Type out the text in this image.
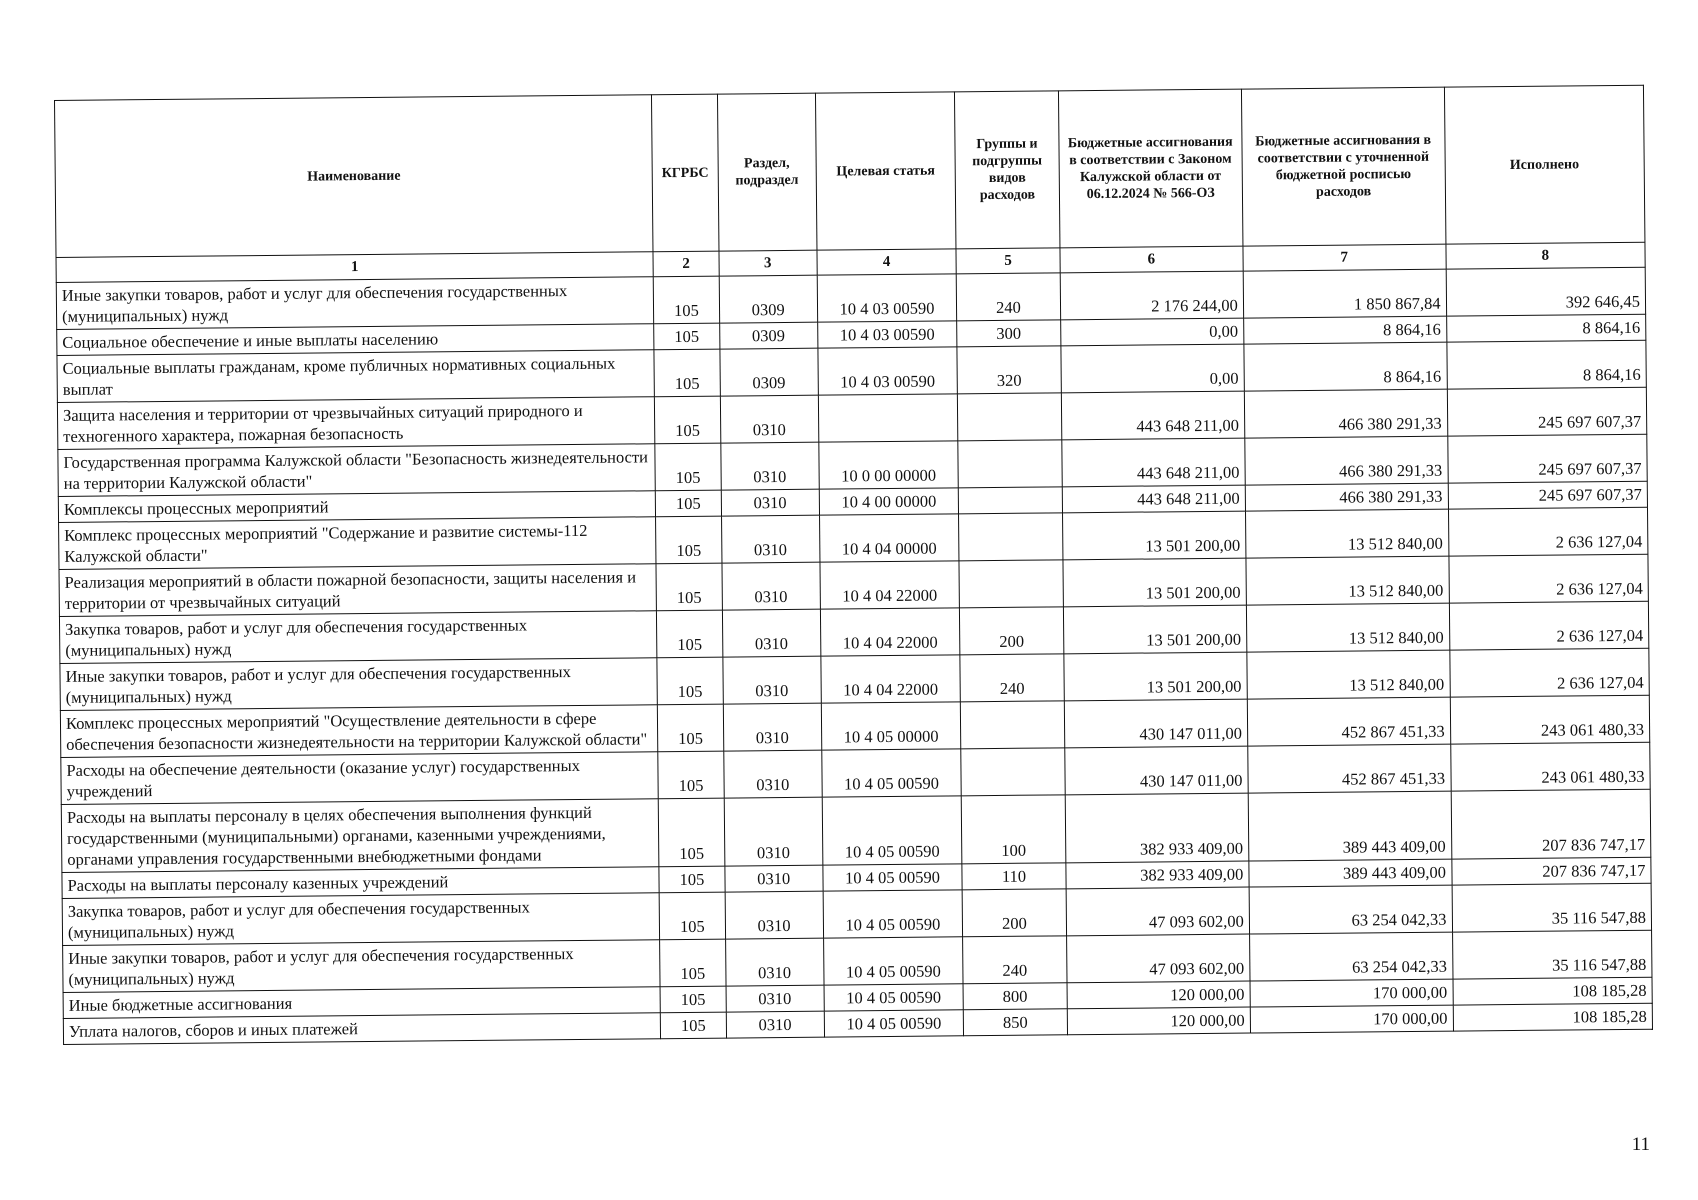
Наименование	КГРБС	Раздел, подраздел	Целевая статья	Группы и подгруппы видов расходов	Бюджетные ассигнования в соответствии с Законом Калужской области от 06.12.2024 № 566-ОЗ	Бюджетные ассигнования в соответствии с уточненной бюджетной росписью расходов	Исполнено
1	2	3	4	5	6	7	8
Иные закупки товаров, работ и услуг для обеспечения государственных (муниципальных) нужд	105	0309	10 4 03 00590	240	2 176 244,00	1 850 867,84	392 646,45
Социальное обеспечение и иные выплаты населению	105	0309	10 4 03 00590	300	0,00	8 864,16	8 864,16
Социальные выплаты гражданам, кроме публичных нормативных социальных выплат	105	0309	10 4 03 00590	320	0,00	8 864,16	8 864,16
Защита населения и территории от чрезвычайных ситуаций природного и техногенного характера, пожарная безопасность	105	0310			443 648 211,00	466 380 291,33	245 697 607,37
Государственная программа Калужской области "Безопасность жизнедеятельности на территории Калужской области"	105	0310	10 0 00 00000		443 648 211,00	466 380 291,33	245 697 607,37
Комплексы процессных мероприятий	105	0310	10 4 00 00000		443 648 211,00	466 380 291,33	245 697 607,37
Комплекс процессных мероприятий "Содержание и развитие системы-112 Калужской области"	105	0310	10 4 04 00000		13 501 200,00	13 512 840,00	2 636 127,04
Реализация мероприятий в области пожарной безопасности, защиты населения и территории от чрезвычайных ситуаций	105	0310	10 4 04 22000		13 501 200,00	13 512 840,00	2 636 127,04
Закупка товаров, работ и услуг для обеспечения государственных (муниципальных) нужд	105	0310	10 4 04 22000	200	13 501 200,00	13 512 840,00	2 636 127,04
Иные закупки товаров, работ и услуг для обеспечения государственных (муниципальных) нужд	105	0310	10 4 04 22000	240	13 501 200,00	13 512 840,00	2 636 127,04
Комплекс процессных мероприятий "Осуществление деятельности в сфере обеспечения безопасности жизнедеятельности на территории Калужской области"	105	0310	10 4 05 00000		430 147 011,00	452 867 451,33	243 061 480,33
Расходы на обеспечение деятельности (оказание услуг) государственных учреждений	105	0310	10 4 05 00590		430 147 011,00	452 867 451,33	243 061 480,33
Расходы на выплаты персоналу в целях обеспечения выполнения функций государственными (муниципальными) органами, казенными учреждениями, органами управления государственными внебюджетными фондами	105	0310	10 4 05 00590	100	382 933 409,00	389 443 409,00	207 836 747,17
Расходы на выплаты персоналу казенных учреждений	105	0310	10 4 05 00590	110	382 933 409,00	389 443 409,00	207 836 747,17
Закупка товаров, работ и услуг для обеспечения государственных (муниципальных) нужд	105	0310	10 4 05 00590	200	47 093 602,00	63 254 042,33	35 116 547,88
Иные закупки товаров, работ и услуг для обеспечения государственных (муниципальных) нужд	105	0310	10 4 05 00590	240	47 093 602,00	63 254 042,33	35 116 547,88
Иные бюджетные ассигнования	105	0310	10 4 05 00590	800	120 000,00	170 000,00	108 185,28
Уплата налогов, сборов и иных платежей	105	0310	10 4 05 00590	850	120 000,00	170 000,00	108 185,28
11
